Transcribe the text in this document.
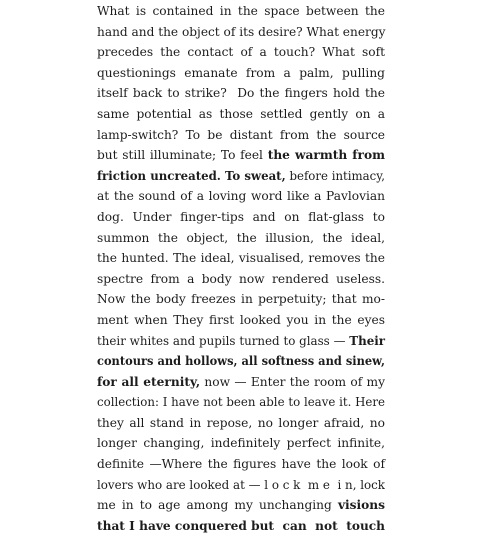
What is contained in the space between the
hand and the object of its desire? What energy
precedes the contact of a touch? What soft
questionings emanate from a palm, pulling
itself back to strike?  Do the fingers hold the
same potential as those settled gently on a
lamp-switch? To be distant from the source
but still illuminate; To feel the warmth from
friction uncreated. To sweat, before intimacy,
at the sound of a loving word like a Pavlovian
dog. Under finger-tips and on flat-glass to
summon the object, the illusion, the ideal,
the hunted. The ideal, visualised, removes the
spectre from a body now rendered useless.
Now the body freezes in perpetuity; that mo-
ment when They first looked you in the eyes
their whites and pupils turned to glass — Their
contours and hollows, all softness and sinew,
for all eternity, now — Enter the room of my
collection: I have not been able to leave it. Here
they all stand in repose, no longer afraid, no
longer changing, indefinitely perfect infinite,
definite —Where the figures have the look of
lovers who are looked at — l o c k  m e  i n, lock
me in to age among my unchanging visions
that I have conquered but  can  not  touch
